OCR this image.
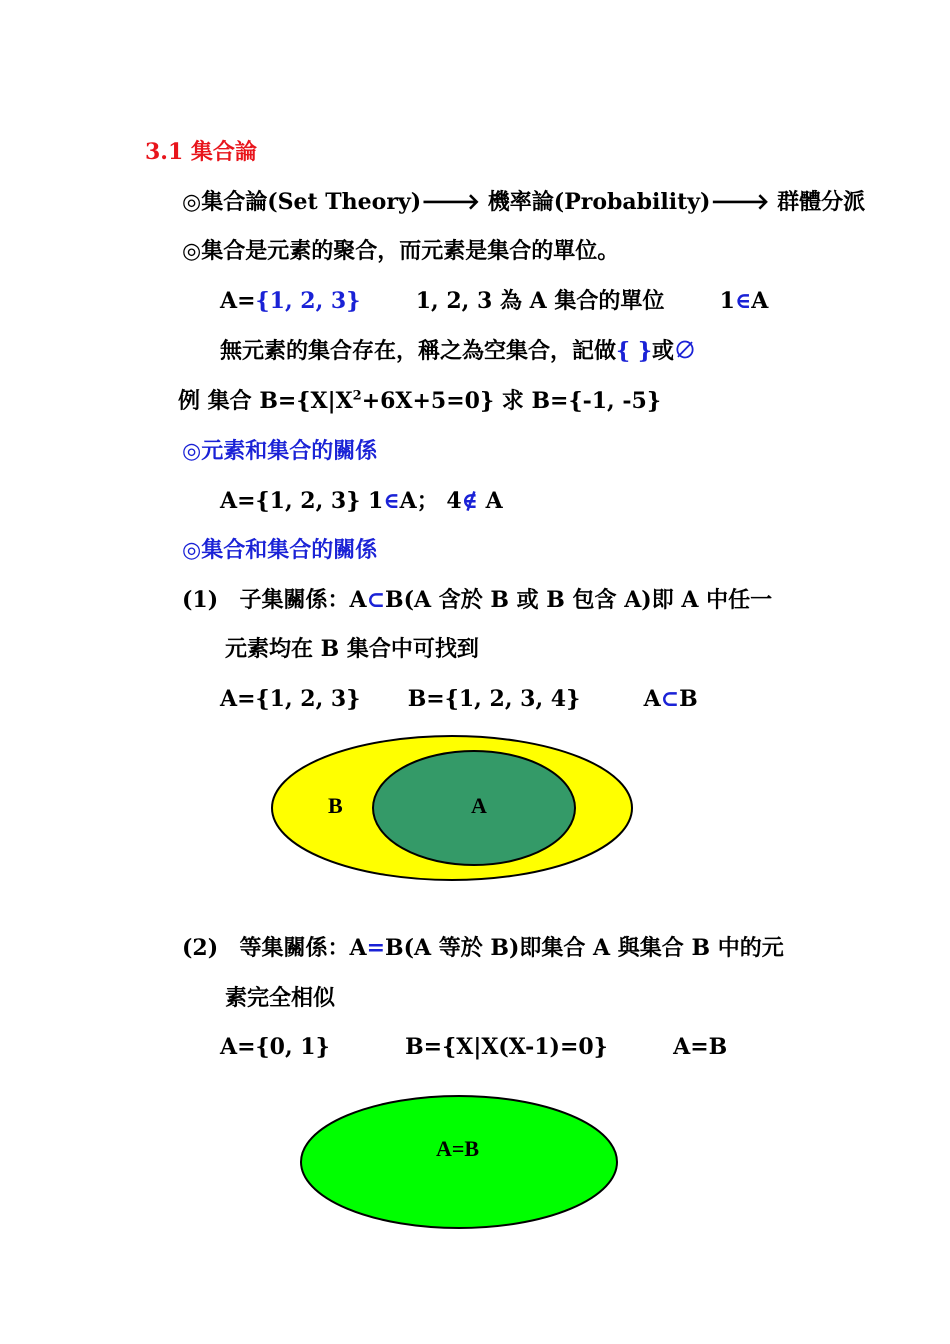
3.1 集合論
◎集合論(Set Theory)🡒 機率論(Probability)🡒 群體分派
◎集合是元素的聚合，而元素是集合的單位。
A={1, 2, 3}	1, 2, 3 為 A 集合的單位	1∈A
無元素的集合存在，稱之為空集合，記做{ }或∅
例 集合 $B=\{X|X^2+6X+5=0\}$ 求 B={-1, -5}
◎元素和集合的關係
A={1, 2, 3} 1∈A； 4∉ A
◎集合和集合的關係
(1) 子集關係：A⊂B(A 含於 B 或 B 包含 A)即 A 中任一
元素均在 B 集合中可找到
A={1, 2, 3} B={1, 2, 3, 4}	A⊂B
B	A
A=B
(2) 等集關係：A=B(A 等於 B)即集合 A 與集合 B 中的元
素完全相似
A={0, 1}	B={X|X(X-1)=0}	A=B
